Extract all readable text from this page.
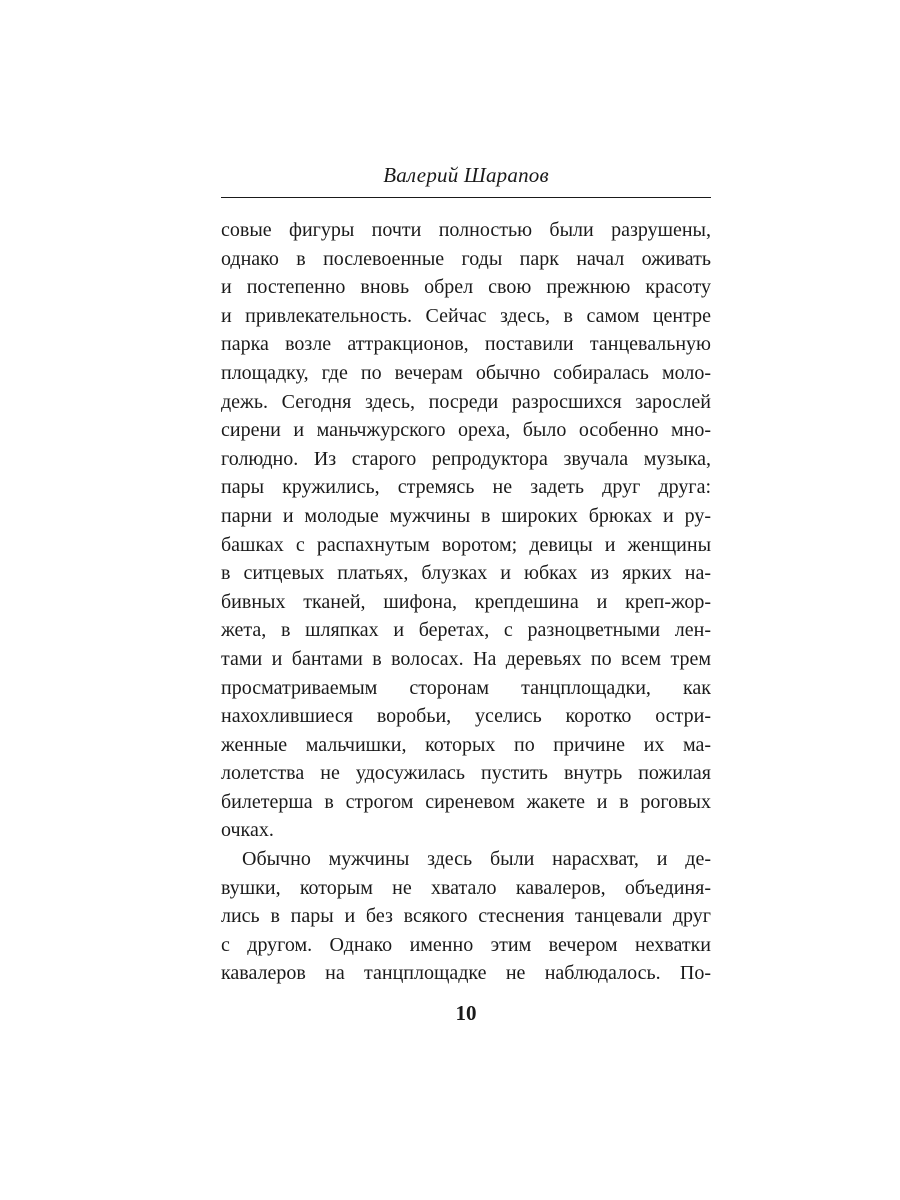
Валерий Шарапов
совые фигуры почти полностью были разрушены,
однако в послевоенные годы парк начал оживать
и постепенно вновь обрел свою прежнюю красоту
и привлекательность. Сейчас здесь, в самом центре
парка возле аттракционов, поставили танцевальную
площадку, где по вечерам обычно собиралась моло-
дежь. Сегодня здесь, посреди разросшихся зарослей
сирени и маньчжурского ореха, было особенно мно-
голюдно. Из старого репродуктора звучала музыка,
пары кружились, стремясь не задеть друг друга:
парни и молодые мужчины в широких брюках и ру-
башках с распахнутым воротом; девицы и женщины
в ситцевых платьях, блузках и юбках из ярких на-
бивных тканей, шифона, крепдешина и креп-жор-
жета, в шляпках и беретах, с разноцветными лен-
тами и бантами в волосах. На деревьях по всем трем
просматриваемым сторонам танцплощадки, как
нахохлившиеся воробьи, уселись коротко остри-
женные мальчишки, которых по причине их ма-
лолетства не удосужилась пустить внутрь пожилая
билетерша в строгом сиреневом жакете и в роговых
очках.
Обычно мужчины здесь были нарасхват, и де-
вушки, которым не хватало кавалеров, объединя-
лись в пары и без всякого стеснения танцевали друг
с другом. Однако именно этим вечером нехватки
кавалеров на танцплощадке не наблюдалось. По-
10
